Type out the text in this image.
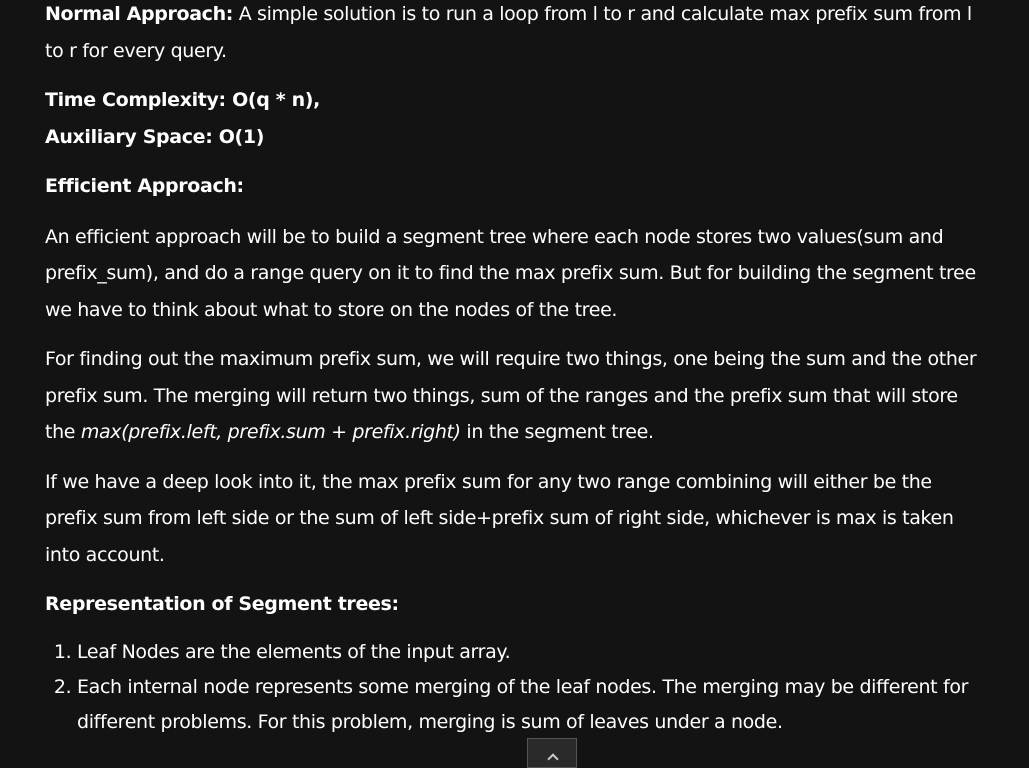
Normal Approach: A simple solution is to run a loop from l to r and calculate max prefix sum from l to r for every query.

Time Complexity: O(q * n),

Auxiliary Space: O(1)

Efficient Approach:

An efficient approach will be to build a segment tree where each node stores two values(sum and prefix_sum), and do a range query on it to find the max prefix sum. But for building the segment tree we have to think about what to store on the nodes of the tree.

For finding out the maximum prefix sum, we will require two things, one being the sum and the other prefix sum. The merging will return two things, sum of the ranges and the prefix sum that will store the max(prefix.left, prefix.sum + prefix.right) in the segment tree.

If we have a deep look into it, the max prefix sum for any two range combining will either be the prefix sum from left side or the sum of left side+prefix sum of right side, whichever is max is taken into account.

Representation of Segment trees:

1. Leaf Nodes are the elements of the input array.
2. Each internal node represents some merging of the leaf nodes. The merging may be different for different problems. For this problem, merging is sum of leaves under a node.
